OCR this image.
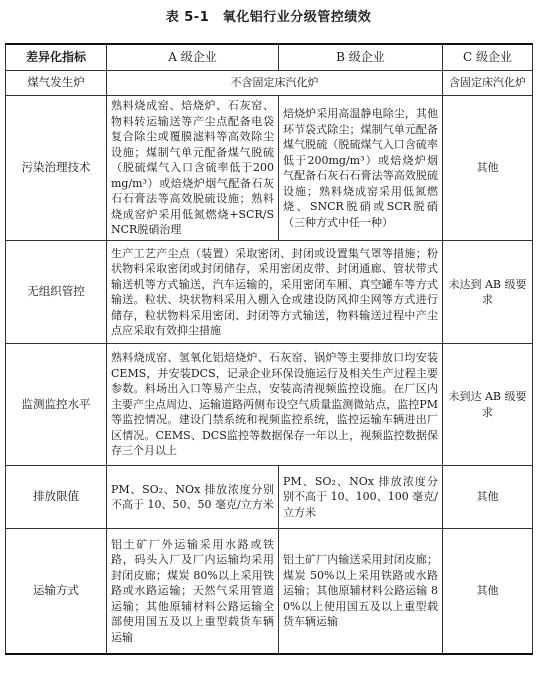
表 5-1　氧化铝行业分级管控绩效
差异化指标	A 级企业	B 级企业	C 级企业
煤气发生炉	不含固定床汽化炉		含固定床汽化炉
污染治理技术	熟料烧成窑、焙烧炉、石灰窑、物料转运输送等产尘点配备电袋复合除尘或覆膜滤料等高效除尘设施；煤制气单元配备煤气脱硫（脱硫煤气入口含硫率低于200mg/m³）或焙烧炉烟气配备石灰石石膏法等高效脱硫设施；熟料烧成窑炉采用低氮燃烧+SCR/SNCR脱硝治理	焙烧炉采用高温静电除尘，其他环节袋式除尘；煤制气单元配备煤气脱硫（脱硫煤气入口含硫率低于200mg/m³）或焙烧炉烟气配备石灰石石膏法等高效脱硫设施；熟料烧成窑采用低氮燃烧、SNCR脱硝或SCR脱硝（三种方式中任一种）	其他
无组织管控	生产工艺产尘点（装置）采取密闭、封闭或设置集气罩等措施；粉状物料采取密闭或封闭储存，采用密闭皮带、封闭通廊、管状带式输送机等方式输送，汽车运输的，采用密闭车厢、真空罐车等方式输送。粒状、块状物料采用入棚入仓或建设防风抑尘网等方式进行储存，粒状物料采用密闭、封闭等方式输送，物料输送过程中产尘点应采取有效抑尘措施		未达到 AB 级要求
监测监控水平	熟料烧成窑、氢氧化铝焙烧炉、石灰窑、锅炉等主要排放口均安装CEMS，并安装DCS，记录企业环保设施运行及相关生产过程主要参数。料场出入口等易产尘点，安装高清视频监控设施。在厂区内主要产尘点周边、运输道路两侧布设空气质量监测微站点，监控PM等监控情况。建设门禁系统和视频监控系统，监控运输车辆进出厂区情况。CEMS、DCS监控等数据保存一年以上，视频监控数据保存三个月以上		未到达 AB 级要求
排放限值	PM、SO₂、NOx 排放浓度分别不高于 10、50、50 毫克/立方米	PM、SO₂、NOx 排放浓度分别不高于 10、100、100 毫克/立方米	其他
运输方式	铝土矿厂外运输采用水路或铁路，码头入厂及厂内运输均采用封闭皮廊；煤炭 80%以上采用铁路或水路运输；天然气采用管道运输；其他原辅材料公路运输全部使用国五及以上重型载货车辆运输	铝土矿厂内输送采用封闭皮廊；煤炭 50%以上采用铁路或水路运输；其他原辅材料公路运输 80%以上使用国五及以上重型载货车辆运输	其他
